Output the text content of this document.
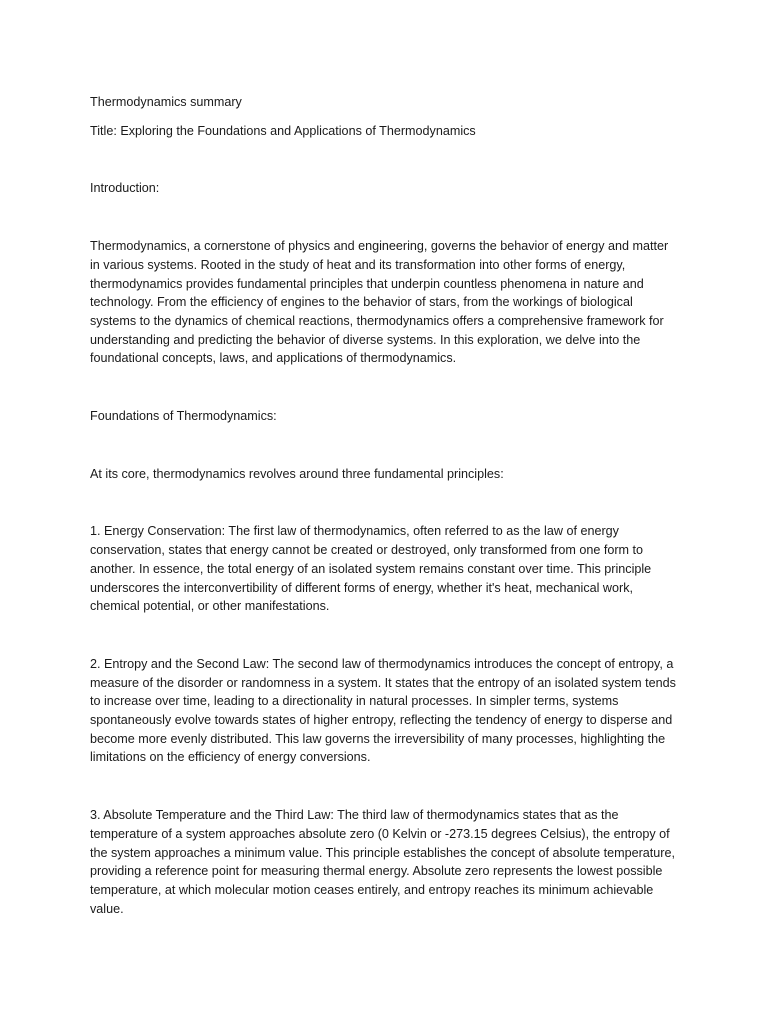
Thermodynamics summary

Title: Exploring the Foundations and Applications of Thermodynamics

Introduction:

Thermodynamics, a cornerstone of physics and engineering, governs the behavior of energy and matter in various systems. Rooted in the study of heat and its transformation into other forms of energy, thermodynamics provides fundamental principles that underpin countless phenomena in nature and technology. From the efficiency of engines to the behavior of stars, from the workings of biological systems to the dynamics of chemical reactions, thermodynamics offers a comprehensive framework for understanding and predicting the behavior of diverse systems. In this exploration, we delve into the foundational concepts, laws, and applications of thermodynamics.

Foundations of Thermodynamics:

At its core, thermodynamics revolves around three fundamental principles:

1. Energy Conservation: The first law of thermodynamics, often referred to as the law of energy conservation, states that energy cannot be created or destroyed, only transformed from one form to another. In essence, the total energy of an isolated system remains constant over time. This principle underscores the interconvertibility of different forms of energy, whether it's heat, mechanical work, chemical potential, or other manifestations.

2. Entropy and the Second Law: The second law of thermodynamics introduces the concept of entropy, a measure of the disorder or randomness in a system. It states that the entropy of an isolated system tends to increase over time, leading to a directionality in natural processes. In simpler terms, systems spontaneously evolve towards states of higher entropy, reflecting the tendency of energy to disperse and become more evenly distributed. This law governs the irreversibility of many processes, highlighting the limitations on the efficiency of energy conversions.

3. Absolute Temperature and the Third Law: The third law of thermodynamics states that as the temperature of a system approaches absolute zero (0 Kelvin or -273.15 degrees Celsius), the entropy of the system approaches a minimum value. This principle establishes the concept of absolute temperature, providing a reference point for measuring thermal energy. Absolute zero represents the lowest possible temperature, at which molecular motion ceases entirely, and entropy reaches its minimum achievable value.
